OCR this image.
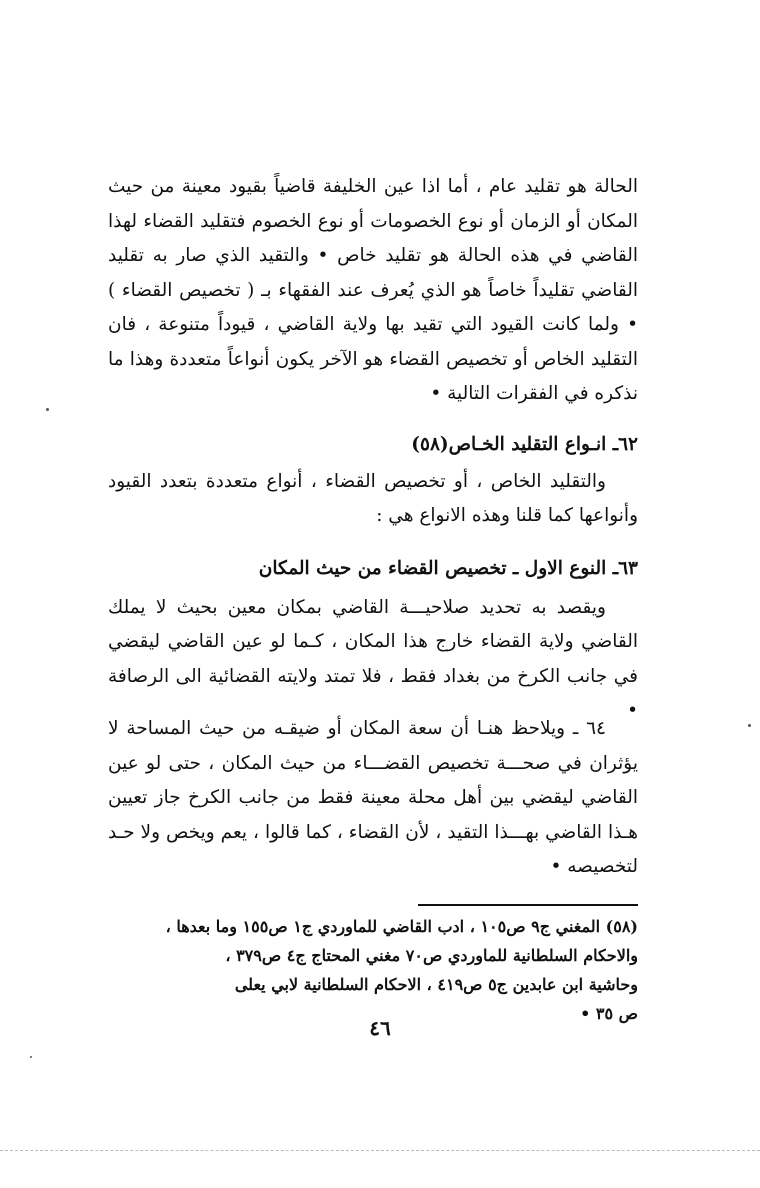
الحالة هو تقليد عام ، أما اذا عين الخليفة قاضياً بقيود معينة من حيث المكان أو الزمان أو نوع الخصومات أو نوع الخصوم فتقليد القضاء لهذا القاضي في هذه الحالة هو تقليد خاص • والتقيد الذي صار به تقليد القاضي تقليداً خاصاً هو الذي يُعرف عند الفقهاء بـ ( تخصيص القضاء ) • ولما كانت القيود التي تقيد بها ولاية القاضي ، قيوداً متنوعة ، فان التقليد الخاص أو تخصيص القضاء هو الآخر يكون أنواعاً متعددة وهذا ما نذكره في الفقرات التالية •

٦٢ـ انـواع التقليد الخـاص(٥٨)

والتقليد الخاص ، أو تخصيص القضاء ، أنواع متعددة بتعدد القيود وأنواعها كما قلنا وهذه الانواع هي :

٦٣ـ النوع الاول ـ تخصيص القضاء من حيث المكان

ويقصد به تحديد صلاحيـــة القاضي بمكان معين بحيث لا يملك القاضي ولاية القضاء خارج هذا المكان ، كـما لو عين القاضي ليقضي في جانب الكرخ من بغداد فقط ، فلا تمتد ولايته القضائية الى الرصافة •

٦٤ ـ ويلاحظ هنـا أن سعة المكان أو ضيقـه من حيث المساحة لا يؤثران في صحـــة تخصيص القضـــاء من حيث المكان ، حتى لو عين القاضي ليقضي بين أهل محلة معينة فقط من جانب الكرخ جاز تعيين هـذا القاضي بهـــذا التقيد ، لأن القضاء ، كما قالوا ، يعم ويخص ولا حـد لتخصيصه •

(٥٨) المغني ج٩ ص١٠٥ ، ادب القاضي للماوردي ج١ ص١٥٥ وما بعدها ،

والاحكام السلطانية للماوردي ص٧٠ مغني المحتاج ج٤ ص٣٧٩ ،

وحاشية ابن عابدين ج٥ ص٤١٩ ، الاحكام السلطانية لابي يعلى

ص ٣٥ •

٤٦
